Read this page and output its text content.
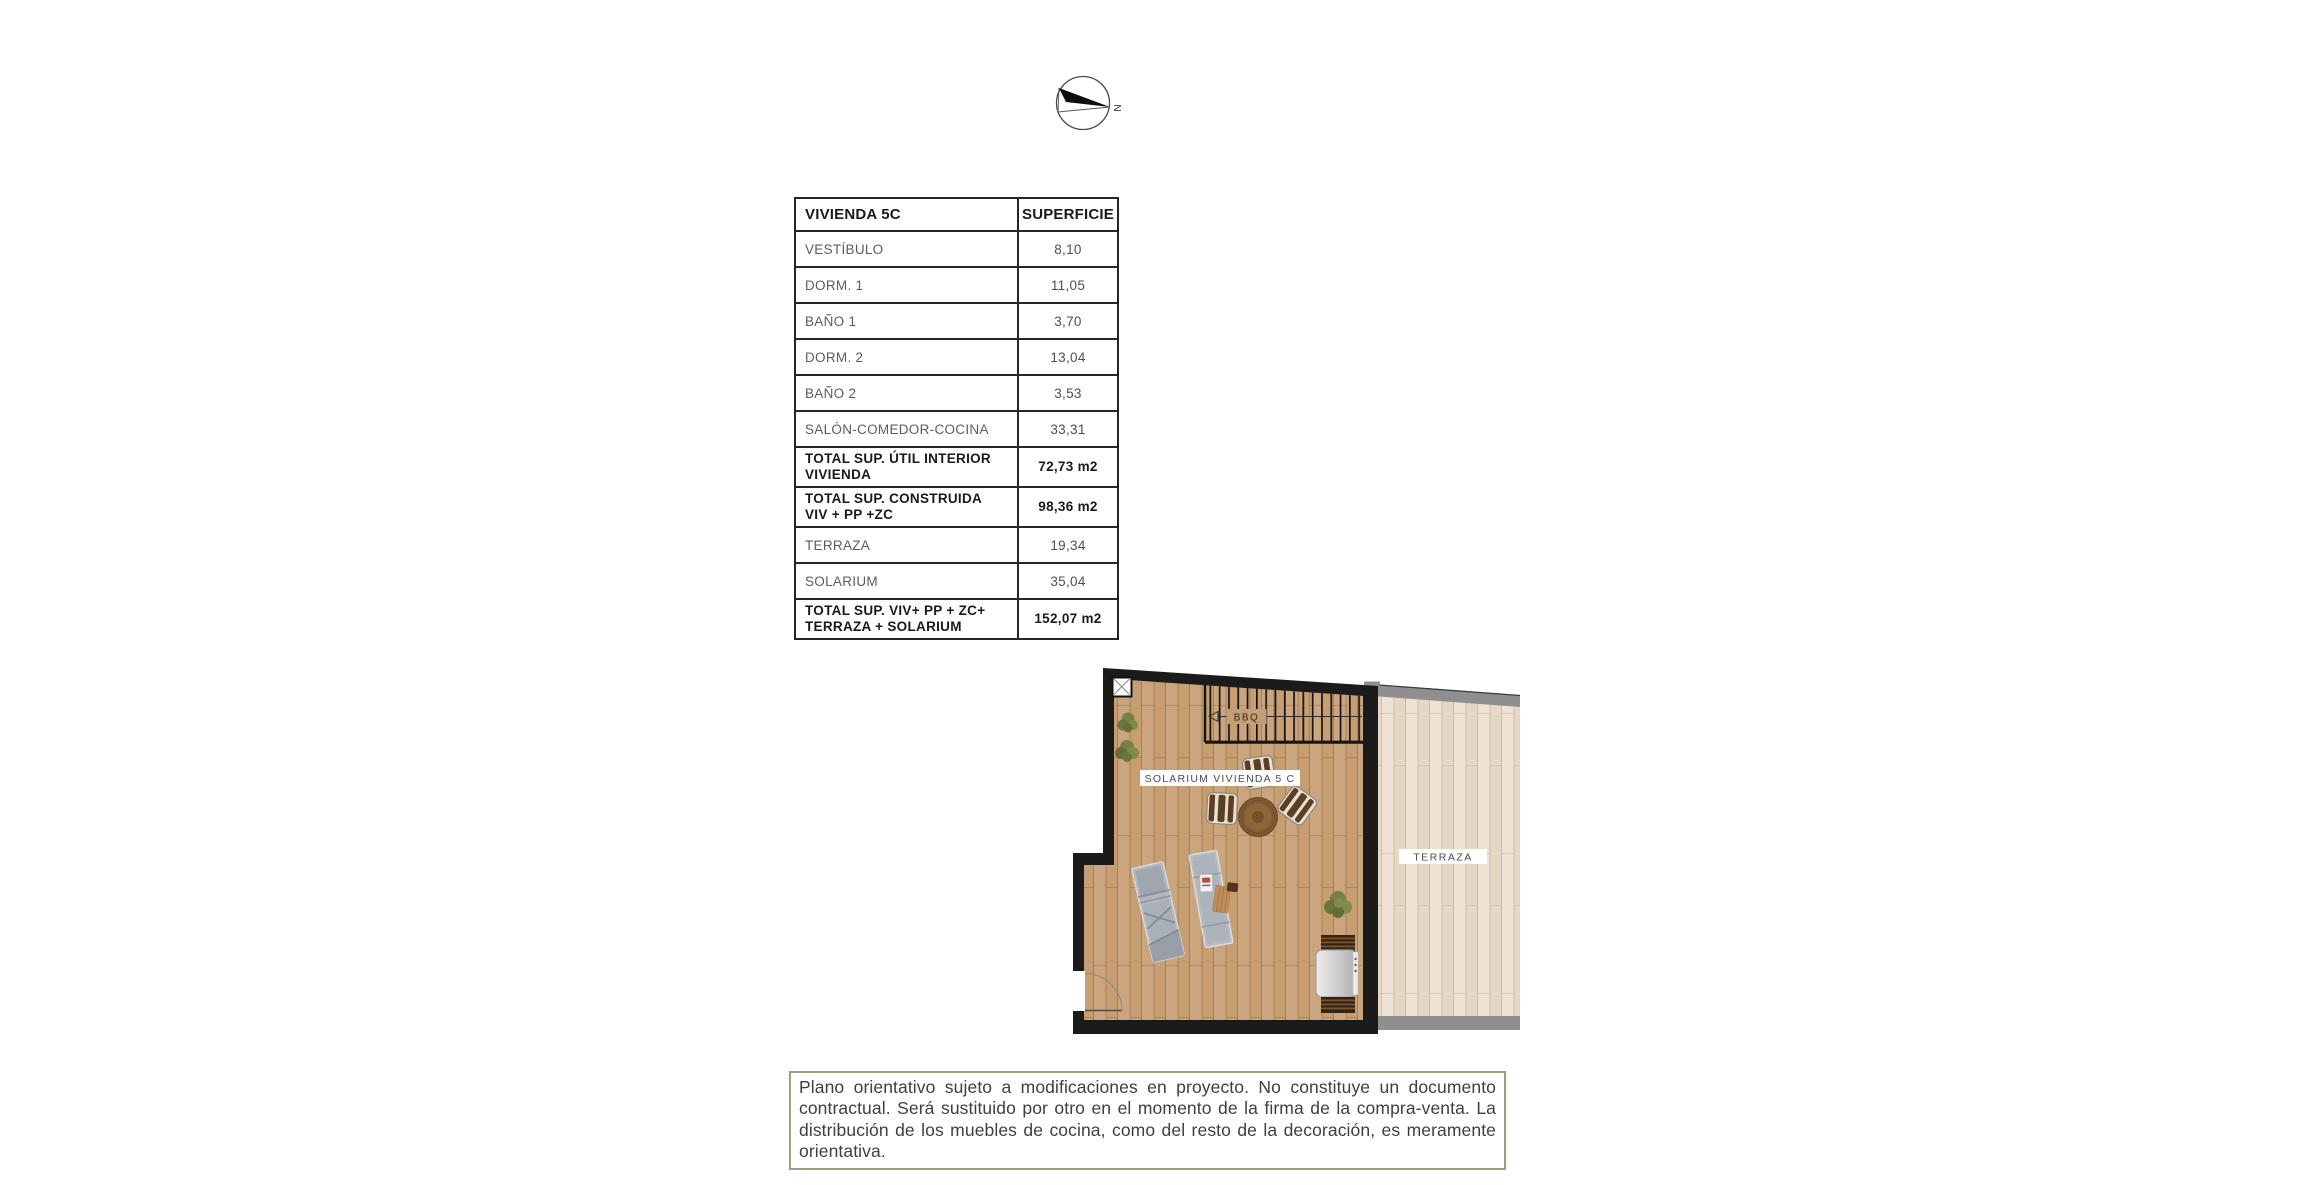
N
VIVIENDA 5C	SUPERFICIE
VESTÍBULO	8,10
DORM. 1	11,05
BAÑO 1	3,70
DORM. 2	13,04
BAÑO 2	3,53
SALÓN-COMEDOR-COCINA	33,31
TOTAL SUP. ÚTIL INTERIOR VIVIENDA	72,73 m2
TOTAL SUP. CONSTRUIDA VIV + PP +ZC	98,36 m2
TERRAZA	19,34
SOLARIUM	35,04
TOTAL SUP. VIV+ PP + ZC+ TERRAZA + SOLARIUM	152,07 m2
BBQ
SOLARIUM VIVIENDA 5 C
TERRAZA

Plano orientativo sujeto a modificaciones en proyecto. No constituye un documento contractual. Será sustituido por otro en el momento de la firma de la compra-venta. La distribución de los muebles de cocina, como del resto de la decoración, es meramente orientativa.
